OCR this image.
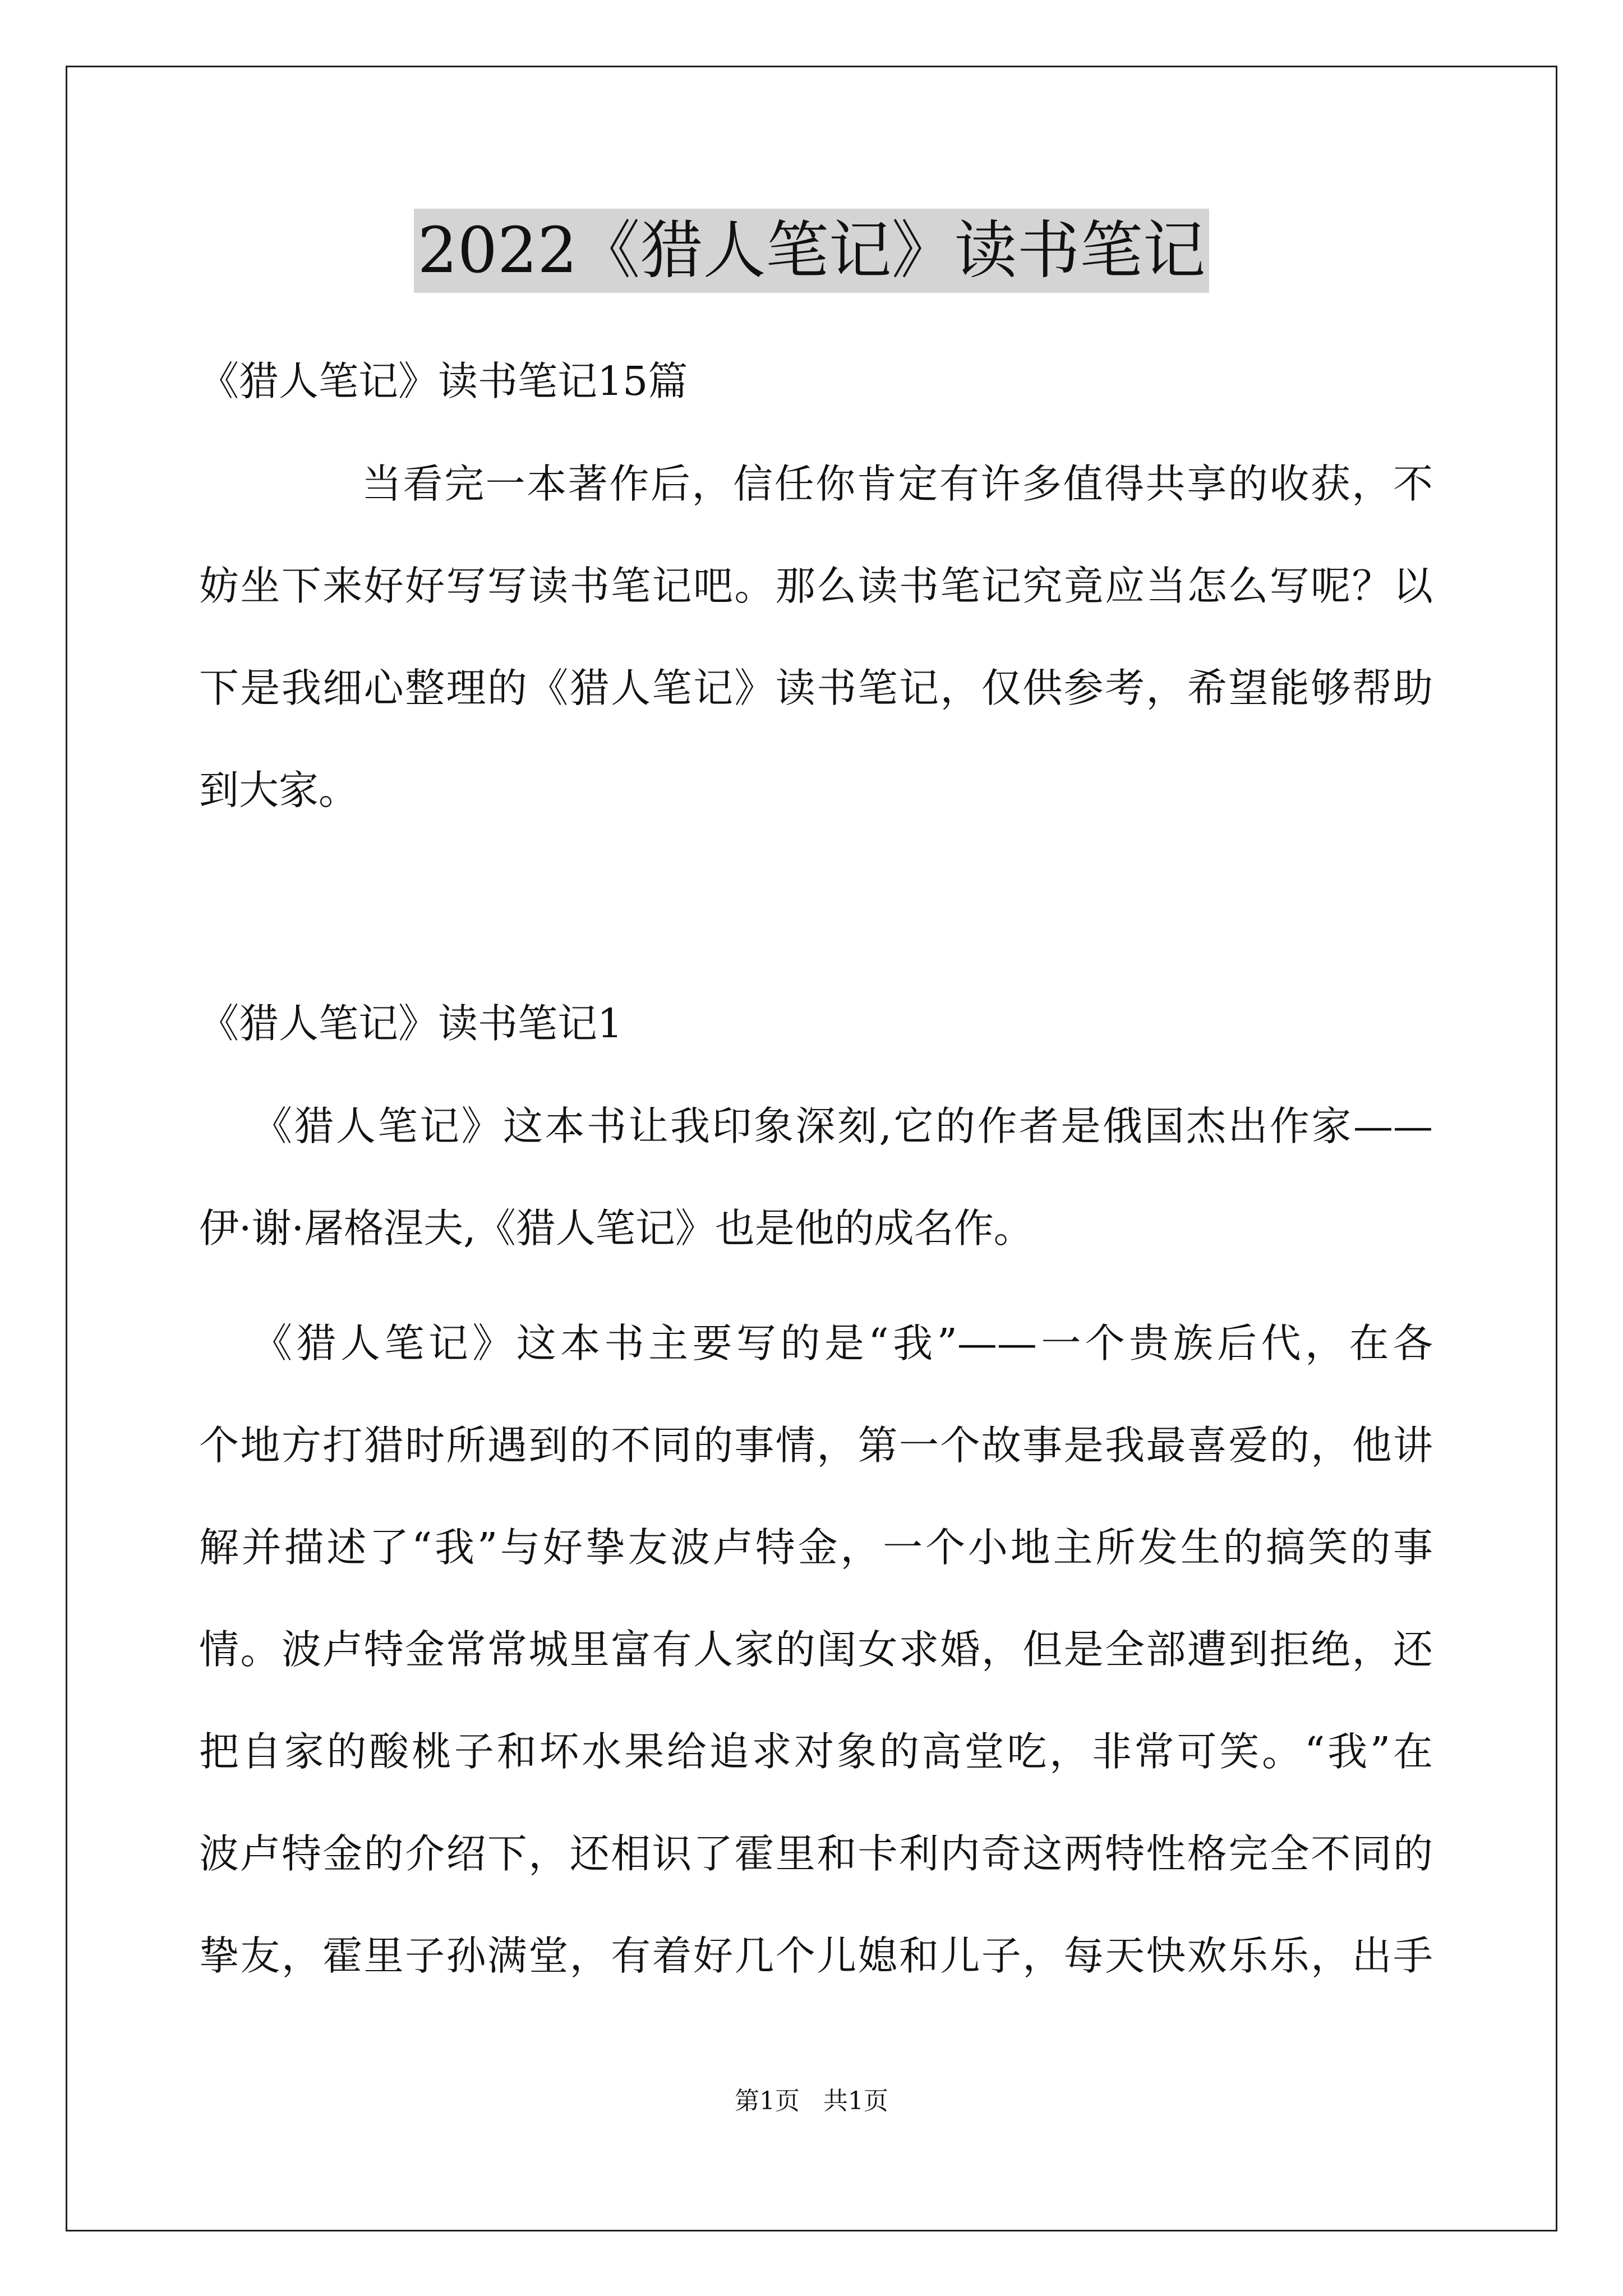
2022《猎人笔记》读书笔记
《猎人笔记》读书笔记15篇
当看完一本著作后，信任你肯定有许多值得共享的收获，不
妨坐下来好好写写读书笔记吧。那么读书笔记究竟应当怎么写呢？以
下是我细心整理的《猎人笔记》读书笔记，仅供参考，希望能够帮助
到大家。
《猎人笔记》读书笔记1
《猎人笔记》这本书让我印象深刻,它的作者是俄国杰出作家——
伊·谢·屠格涅夫,《猎人笔记》也是他的成名作。
《猎人笔记》这本书主要写的是“我”——一个贵族后代，在各
个地方打猎时所遇到的不同的事情，第一个故事是我最喜爱的，他讲
解并描述了“我”与好挚友波卢特金，一个小地主所发生的搞笑的事
情。波卢特金常常城里富有人家的闺女求婚，但是全部遭到拒绝，还
把自家的酸桃子和坏水果给追求对象的高堂吃，非常可笑。“我”在
波卢特金的介绍下，还相识了霍里和卡利内奇这两特性格完全不同的
挚友，霍里子孙满堂，有着好几个儿媳和儿子，每天快欢乐乐，出手
第1页   共1页
